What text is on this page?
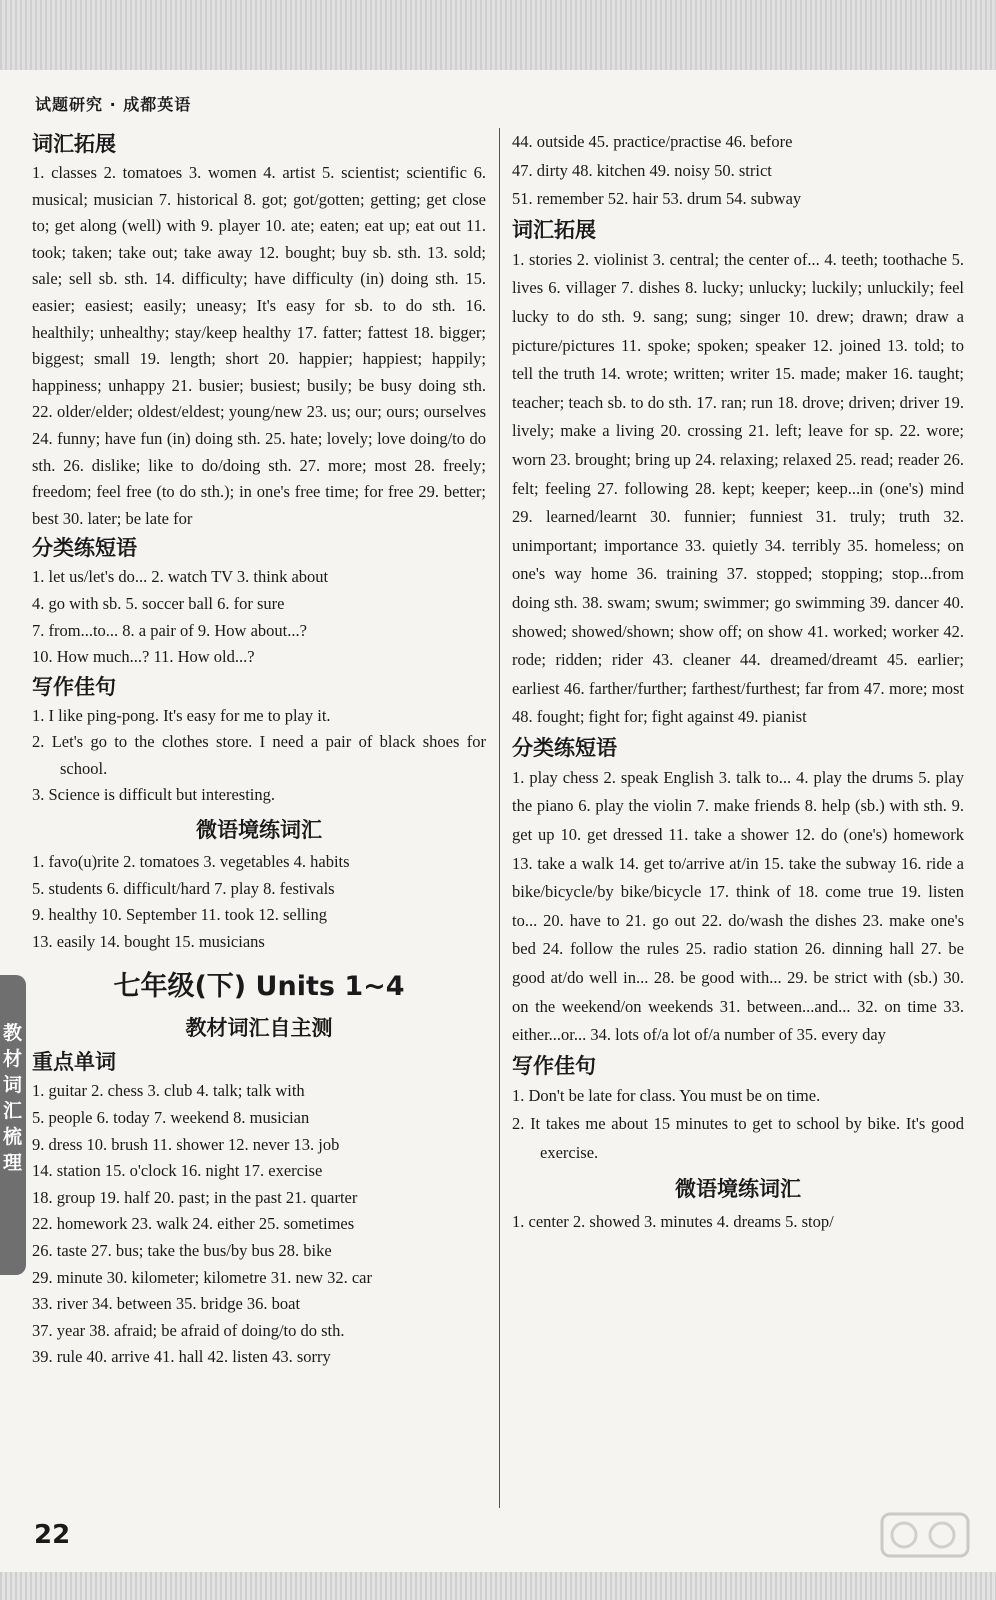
试题研究 · 成都英语
词汇拓展
1. classes 2. tomatoes 3. women 4. artist 5. scientist; scientific 6. musical; musician 7. historical 8. got; got/gotten; getting; get close to; get along (well) with 9. player 10. ate; eaten; eat up; eat out 11. took; taken; take out; take away 12. bought; buy sb. sth. 13. sold; sale; sell sb. sth. 14. difficulty; have difficulty (in) doing sth. 15. easier; easiest; easily; uneasy; It's easy for sb. to do sth. 16. healthily; unhealthy; stay/keep healthy 17. fatter; fattest 18. bigger; biggest; small 19. length; short 20. happier; happiest; happily; happiness; unhappy 21. busier; busiest; busily; be busy doing sth. 22. older/elder; oldest/eldest; young/new 23. us; our; ours; ourselves 24. funny; have fun (in) doing sth. 25. hate; lovely; love doing/to do sth. 26. dislike; like to do/doing sth. 27. more; most 28. freely; freedom; feel free (to do sth.); in one's free time; for free 29. better; best 30. later; be late for
分类练短语
1. let us/let's do... 2. watch TV 3. think about
4. go with sb. 5. soccer ball 6. for sure
7. from...to... 8. a pair of 9. How about...?
10. How much...? 11. How old...?
写作佳句
1. I like ping-pong. It's easy for me to play it.
2. Let's go to the clothes store. I need a pair of black shoes for school.
3. Science is difficult but interesting.
微语境练词汇
1. favo(u)rite 2. tomatoes 3. vegetables 4. habits
5. students 6. difficult/hard 7. play 8. festivals
9. healthy 10. September 11. took 12. selling
13. easily 14. bought 15. musicians
七年级(下) Units 1~4
教材词汇自主测
重点单词
1. guitar 2. chess 3. club 4. talk; talk with
5. people 6. today 7. weekend 8. musician
9. dress 10. brush 11. shower 12. never 13. job
14. station 15. o'clock 16. night 17. exercise
18. group 19. half 20. past; in the past 21. quarter
22. homework 23. walk 24. either 25. sometimes
26. taste 27. bus; take the bus/by bus 28. bike
29. minute 30. kilometer; kilometre 31. new 32. car
33. river 34. between 35. bridge 36. boat
37. year 38. afraid; be afraid of doing/to do sth.
39. rule 40. arrive 41. hall 42. listen 43. sorry
44. outside 45. practice/practise 46. before
47. dirty 48. kitchen 49. noisy 50. strict
51. remember 52. hair 53. drum 54. subway
词汇拓展
1. stories 2. violinist 3. central; the center of... 4. teeth; toothache 5. lives 6. villager 7. dishes 8. lucky; unlucky; luckily; unluckily; feel lucky to do sth. 9. sang; sung; singer 10. drew; drawn; draw a picture/pictures 11. spoke; spoken; speaker 12. joined 13. told; to tell the truth 14. wrote; written; writer 15. made; maker 16. taught; teacher; teach sb. to do sth. 17. ran; run 18. drove; driven; driver 19. lively; make a living 20. crossing 21. left; leave for sp. 22. wore; worn 23. brought; bring up 24. relaxing; relaxed 25. read; reader 26. felt; feeling 27. following 28. kept; keeper; keep...in (one's) mind 29. learned/learnt 30. funnier; funniest 31. truly; truth 32. unimportant; importance 33. quietly 34. terribly 35. homeless; on one's way home 36. training 37. stopped; stopping; stop...from doing sth. 38. swam; swum; swimmer; go swimming 39. dancer 40. showed; showed/shown; show off; on show 41. worked; worker 42. rode; ridden; rider 43. cleaner 44. dreamed/dreamt 45. earlier; earliest 46. farther/further; farthest/furthest; far from 47. more; most 48. fought; fight for; fight against 49. pianist
分类练短语
1. play chess 2. speak English 3. talk to... 4. play the drums 5. play the piano 6. play the violin 7. make friends 8. help (sb.) with sth. 9. get up 10. get dressed 11. take a shower 12. do (one's) homework 13. take a walk 14. get to/arrive at/in 15. take the subway 16. ride a bike/bicycle/by bike/bicycle 17. think of 18. come true 19. listen to... 20. have to 21. go out 22. do/wash the dishes 23. make one's bed 24. follow the rules 25. radio station 26. dinning hall 27. be good at/do well in... 28. be good with... 29. be strict with (sb.) 30. on the weekend/on weekends 31. between...and... 32. on time 33. either...or... 34. lots of/a lot of/a number of 35. every day
写作佳句
1. Don't be late for class. You must be on time.
2. It takes me about 15 minutes to get to school by bike. It's good exercise.
微语境练词汇
1. center 2. showed 3. minutes 4. dreams 5. stop/
教材词汇梳理
22
